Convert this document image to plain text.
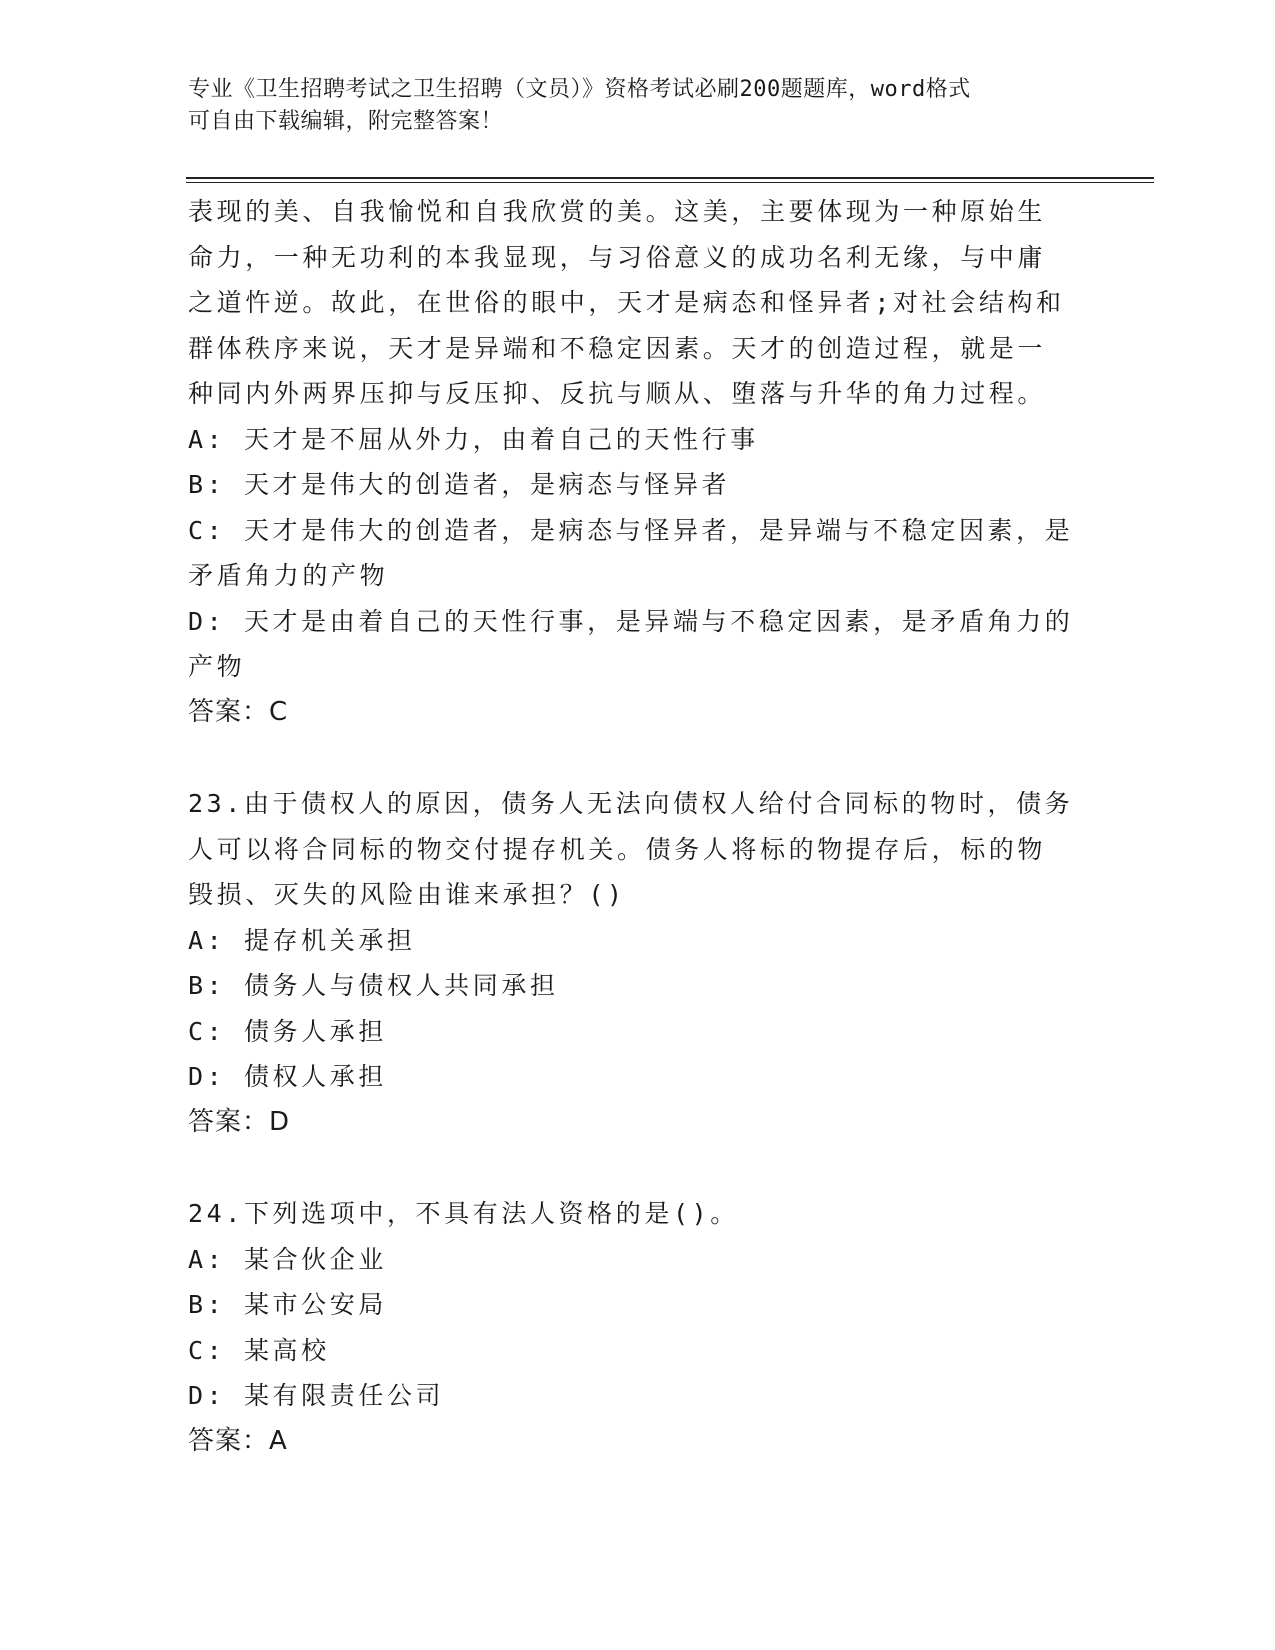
专业《卫生招聘考试之卫生招聘（文员）》资格考试必刷200题题库，word格式
可自由下载编辑，附完整答案！

表现的美、自我愉悦和自我欣赏的美。这美，主要体现为一种原始生

命力，一种无功利的本我显现，与习俗意义的成功名利无缘，与中庸

之道忤逆。故此，在世俗的眼中，天才是病态和怪异者;对社会结构和

群体秩序来说，天才是异端和不稳定因素。天才的创造过程，就是一

种同内外两界压抑与反压抑、反抗与顺从、堕落与升华的角力过程。

A: 天才是不屈从外力，由着自己的天性行事

B: 天才是伟大的创造者，是病态与怪异者

C: 天才是伟大的创造者，是病态与怪异者，是异端与不稳定因素，是

矛盾角力的产物

D: 天才是由着自己的天性行事，是异端与不稳定因素，是矛盾角力的

产物

答案：C

23.由于债权人的原因，债务人无法向债权人给付合同标的物时，债务

人可以将合同标的物交付提存机关。债务人将标的物提存后，标的物

毁损、灭失的风险由谁来承担？()

A: 提存机关承担

B: 债务人与债权人共同承担

C: 债务人承担

D: 债权人承担

答案：D

24.下列选项中，不具有法人资格的是()。

A: 某合伙企业

B: 某市公安局

C: 某高校

D: 某有限责任公司

答案：A
